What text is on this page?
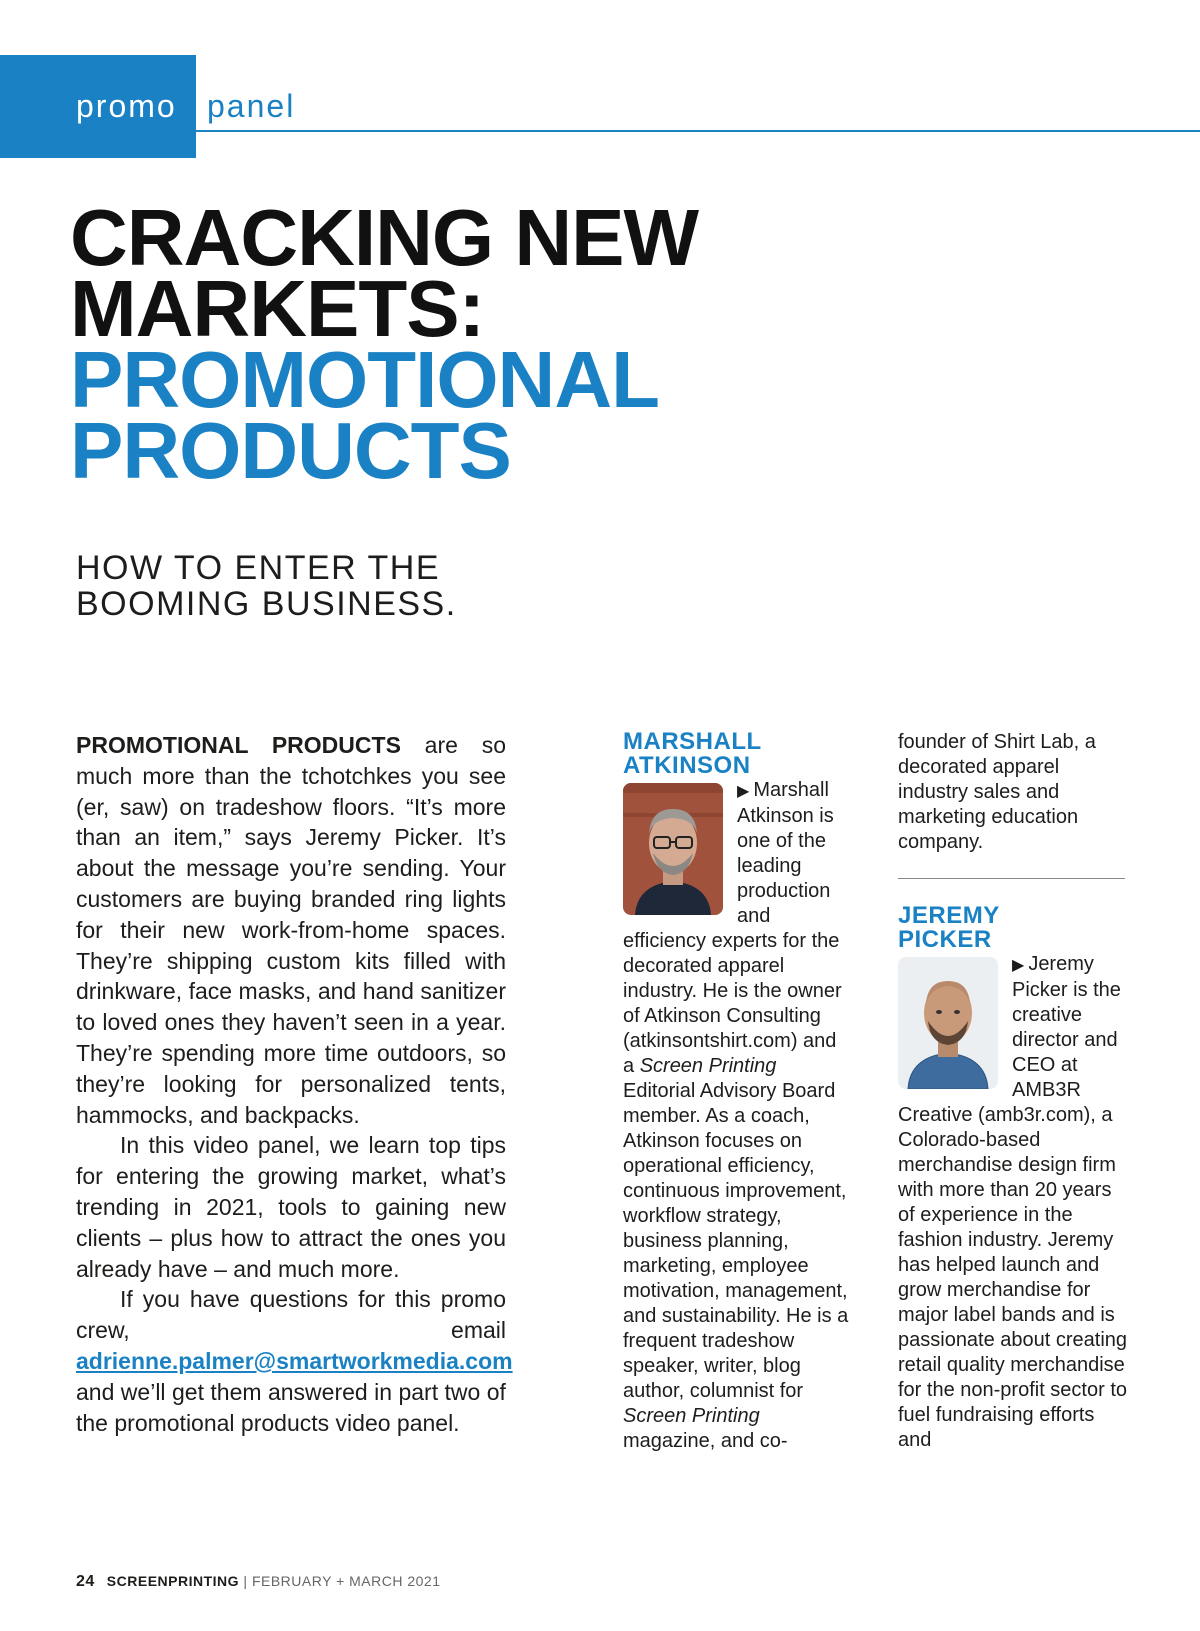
promo panel
CRACKING NEW
MARKETS:
PROMOTIONAL
PRODUCTS
HOW TO ENTER THE BOOMING BUSINESS.

PROMOTIONAL PRODUCTS are so much more than the tchotchkes you see (er, saw) on tradeshow floors. “It’s more than an item,” says Jeremy Picker. It’s about the message you’re sending. Your customers are buying branded ring lights for their new work-from-home spaces. They’re shipping custom kits filled with drinkware, face masks, and hand sanitizer to loved ones they haven’t seen in a year. They’re spending more time outdoors, so they’re looking for personalized tents, hammocks, and backpacks.

In this video panel, we learn top tips for entering the growing market, what’s trending in 2021, tools to gaining new clients – plus how to attract the ones you already have – and much more.

If you have questions for this promo crew, email adrienne.palmer@smartworkmedia.com and we’ll get them answered in part two of the promotional products video panel.

MARSHALL
ATKINSON
▶ Marshall Atkinson is one of the leading production and efficiency experts for the decorated apparel industry. He is the owner of Atkinson Consulting (atkinsontshirt.com) and a Screen Printing Editorial Advisory Board member. As a coach, Atkinson focuses on operational efficiency, continuous improvement, workflow strategy, business planning, marketing, employee motivation, management, and sustainability. He is a frequent tradeshow speaker, writer, blog author, columnist for Screen Printing magazine, and co-
founder of Shirt Lab, a decorated apparel industry sales and marketing education company.
JEREMY
PICKER
▶ Jeremy Picker is the creative director and CEO at AMB3R Creative (amb3r.com), a Colorado-based merchandise design firm with more than 20 years of experience in the fashion industry. Jeremy has helped launch and grow merchandise for major label bands and is passionate about creating retail quality merchandise for the non-profit sector to fuel fundraising efforts and
24 SCREENPRINTING | FEBRUARY + MARCH 2021
